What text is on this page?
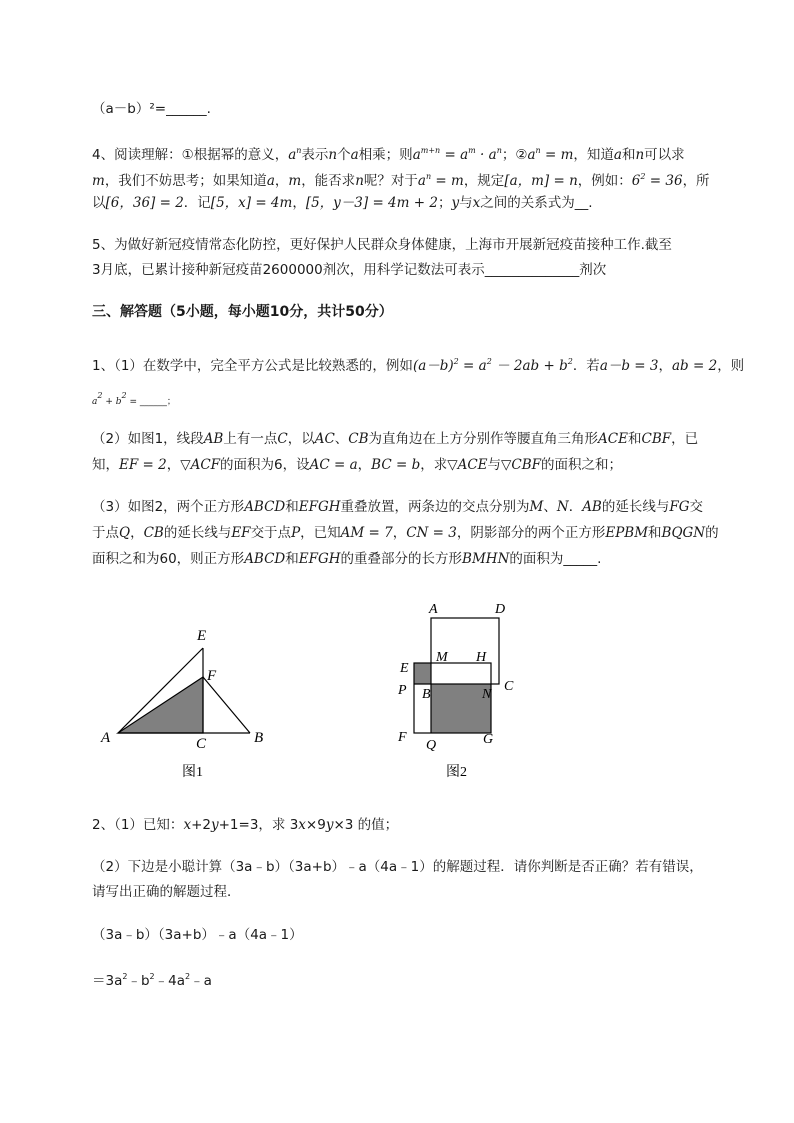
（a－b）²=______.
4、阅读理解：①根据幂的意义，$a^n$表示n个a相乘；则$a^{m+n} = a^m \cdot a^n$；$②a^n = m$，知道a和n可以求
m，我们不妨思考；如果知道a，m，能否求n呢？对于$a^n = m$，规定[a，m] = n，例如：$6^2 = 36$，所
以[6，36] = 2．记[5，x] = 4m，[5，y－3] = 4m + 2；y与x之间的关系式为__.
5、为做好新冠疫情常态化防控，更好保护人民群众身体健康，上海市开展新冠疫苗接种工作.截至
3月底，已累计接种新冠疫苗2600000剂次，用科学记数法可表示______________剂次
三、解答题（5小题，每小题10分，共计50分）
1、（1）在数学中，完全平方公式是比较熟悉的，例如$(a-b)^2 = a^2 - 2ab + b^2$．若a－b = 3，ab = 2，则
$a^2 + b^2$ = ______；
（2）如图1，线段AB上有一点C，以AC、CB为直角边在上方分别作等腰直角三角形ACE和CBF，已
知，EF = 2，▽ACF的面积为6，设AC = a，BC = b，求▽ACE与▽CBF的面积之和；
（3）如图2，两个正方形ABCD和EFGH重叠放置，两条边的交点分别为M、N．AB的延长线与FG交
于点Q，CB的延长线与EF交于点P，已知AM = 7，CN = 3，阴影部分的两个正方形EPBM和BQGN的
面积之和为60，则正方形ABCD和EFGH的重叠部分的长方形BMHN的面积为_____.
E
F
A	C	B
图1
A	D
E
M H
P B	N
C
F
Q	G
图2
2、（1）已知：x+2y+1=3，求 3x×9y×3 的值；
（2）下边是小聪计算（3a﹣b）（3a+b）﹣a（4a﹣1）的解题过程．请你判断是否正确？若有错误，
请写出正确的解题过程．
（3a﹣b）（3a+b）﹣a（4a﹣1）
$=3a^2﹣b^2﹣4a^2﹣a$
